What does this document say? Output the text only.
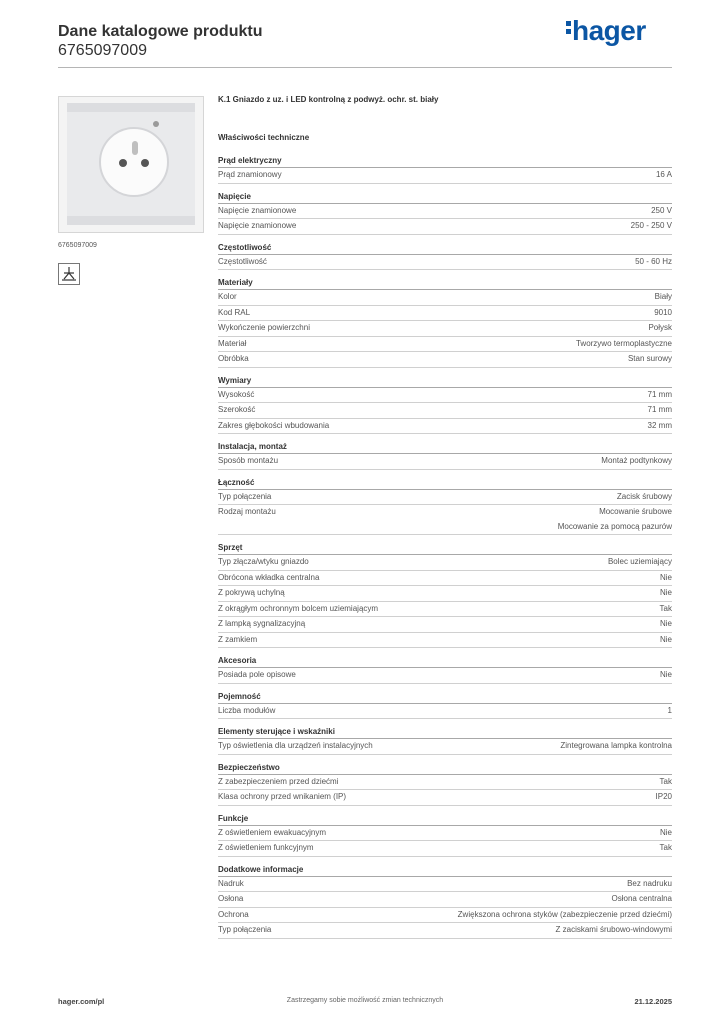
Dane katalogowe produktu
6765097009
hager
6765097009
K.1 Gniazdo z uz. i LED kontrolną z podwyż. ochr. st. biały
Właściwości techniczne
Prąd elektryczny
Prąd znamionowy	16 A
Napięcie
Napięcie znamionowe	250 V
Napięcie znamionowe	250 - 250 V
Częstotliwość
Częstotliwość	50 - 60 Hz
Materiały
Kolor	Biały
Kod RAL	9010
Wykończenie powierzchni	Połysk
Materiał	Tworzywo termoplastyczne
Obróbka	Stan surowy
Wymiary
Wysokość	71 mm
Szerokość	71 mm
Zakres głębokości wbudowania	32 mm
Instalacja, montaż
Sposób montażu	Montaż podtynkowy
Łączność
Typ połączenia	Zacisk śrubowy
Rodzaj montażu	Mocowanie śrubowe
Mocowanie za pomocą pazurów
Sprzęt
Typ złącza/wtyku gniazdo	Bolec uziemiający
Obrócona wkładka centralna	Nie
Z pokrywą uchylną	Nie
Z okrągłym ochronnym bolcem uziemiającym	Tak
Z lampką sygnalizacyjną	Nie
Z zamkiem	Nie
Akcesoria
Posiada pole opisowe	Nie
Pojemność
Liczba modułów	1
Elementy sterujące i wskaźniki
Typ oświetlenia dla urządzeń instalacyjnych	Zintegrowana lampka kontrolna
Bezpieczeństwo
Z zabezpieczeniem przed dziećmi	Tak
Klasa ochrony przed wnikaniem (IP)	IP20
Funkcje
Z oświetleniem ewakuacyjnym	Nie
Z oświetleniem funkcyjnym	Tak
Dodatkowe informacje
Nadruk	Bez nadruku
Osłona	Osłona centralna
Ochrona	Zwiększona ochrona styków (zabezpieczenie przed dziećmi)
Typ połączenia	Z zaciskami śrubowo-windowymi
hager.com/pl	Zastrzegamy sobie możliwość zmian technicznych	21.12.2025
